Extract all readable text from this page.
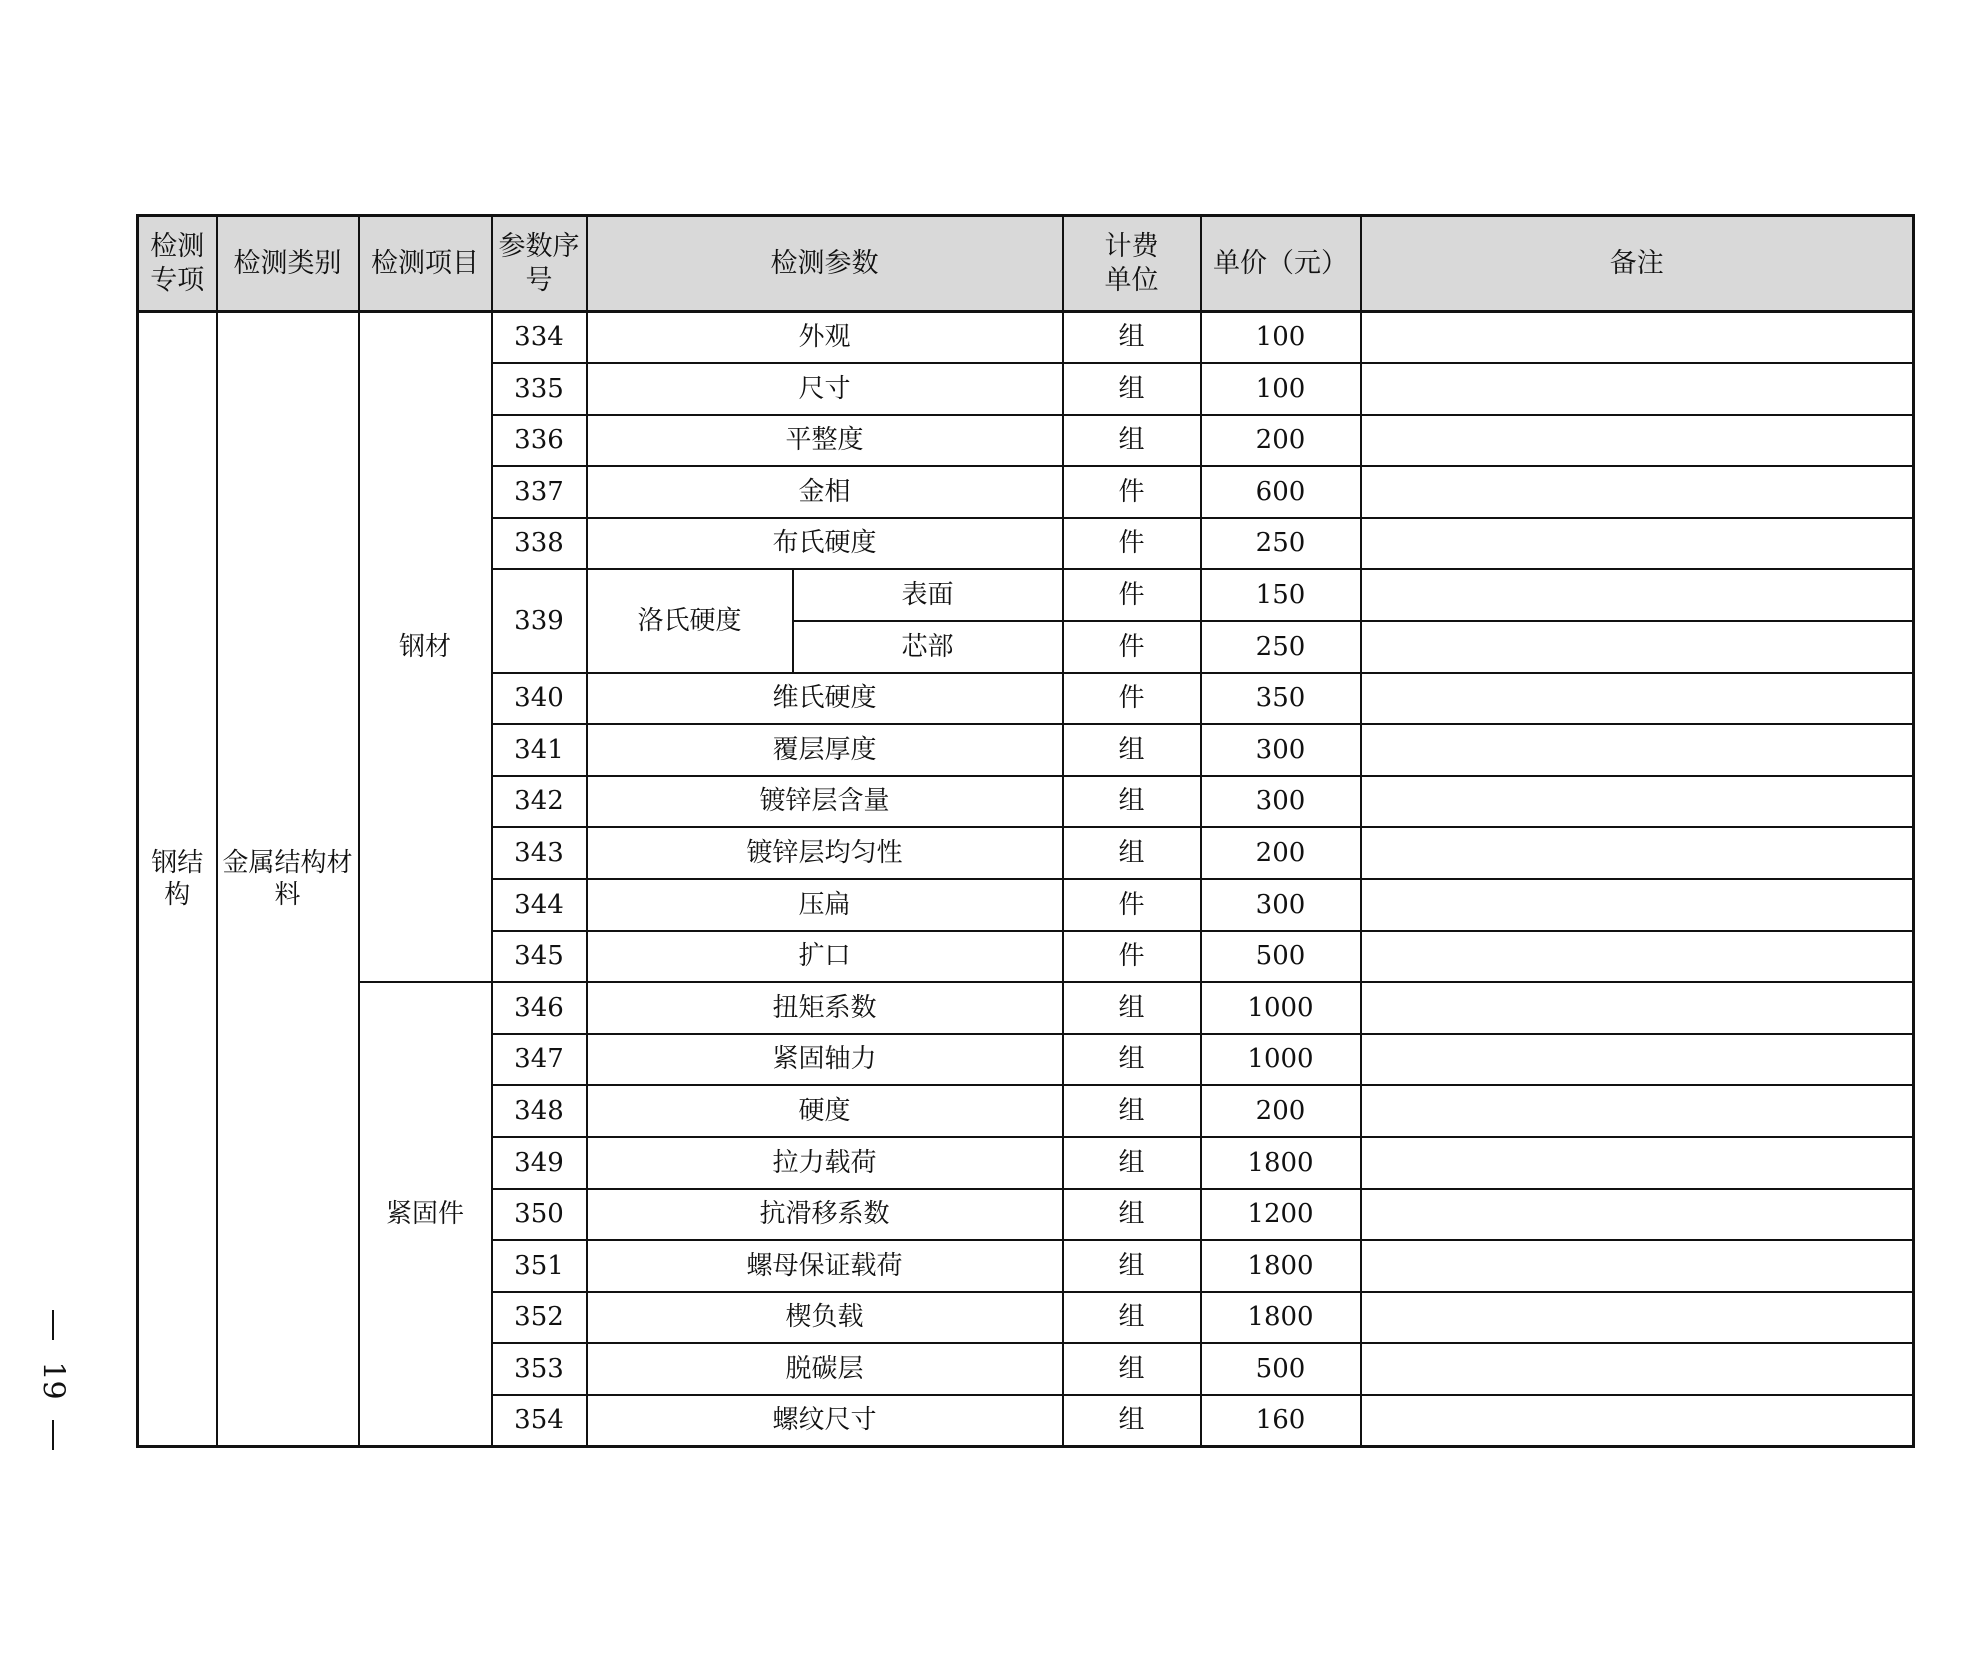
检测专项	检测类别	检测项目	参数序号	检测参数		计费单位	单价（元）	备注
钢结构	金属结构材料	钢材	334	外观		组	100	
			335	尺寸		组	100	
			336	平整度		组	200	
			337	金相		件	600	
			338	布氏硬度		件	250	
			339	洛氏硬度	表面	件	150	
					芯部	件	250	
			340	维氏硬度		件	350	
			341	覆层厚度		组	300	
			342	镀锌层含量		组	300	
			343	镀锌层均匀性		组	200	
			344	压扁		件	300	
			345	扩口		件	500	
		紧固件	346	扭矩系数		组	1000	
			347	紧固轴力		组	1000	
			348	硬度		组	200	
			349	拉力载荷		组	1800	
			350	抗滑移系数		组	1200	
			351	螺母保证载荷		组	1800	
			352	楔负载		组	1800	
			353	脱碳层		组	500	
			354	螺纹尺寸		组	160	
19
